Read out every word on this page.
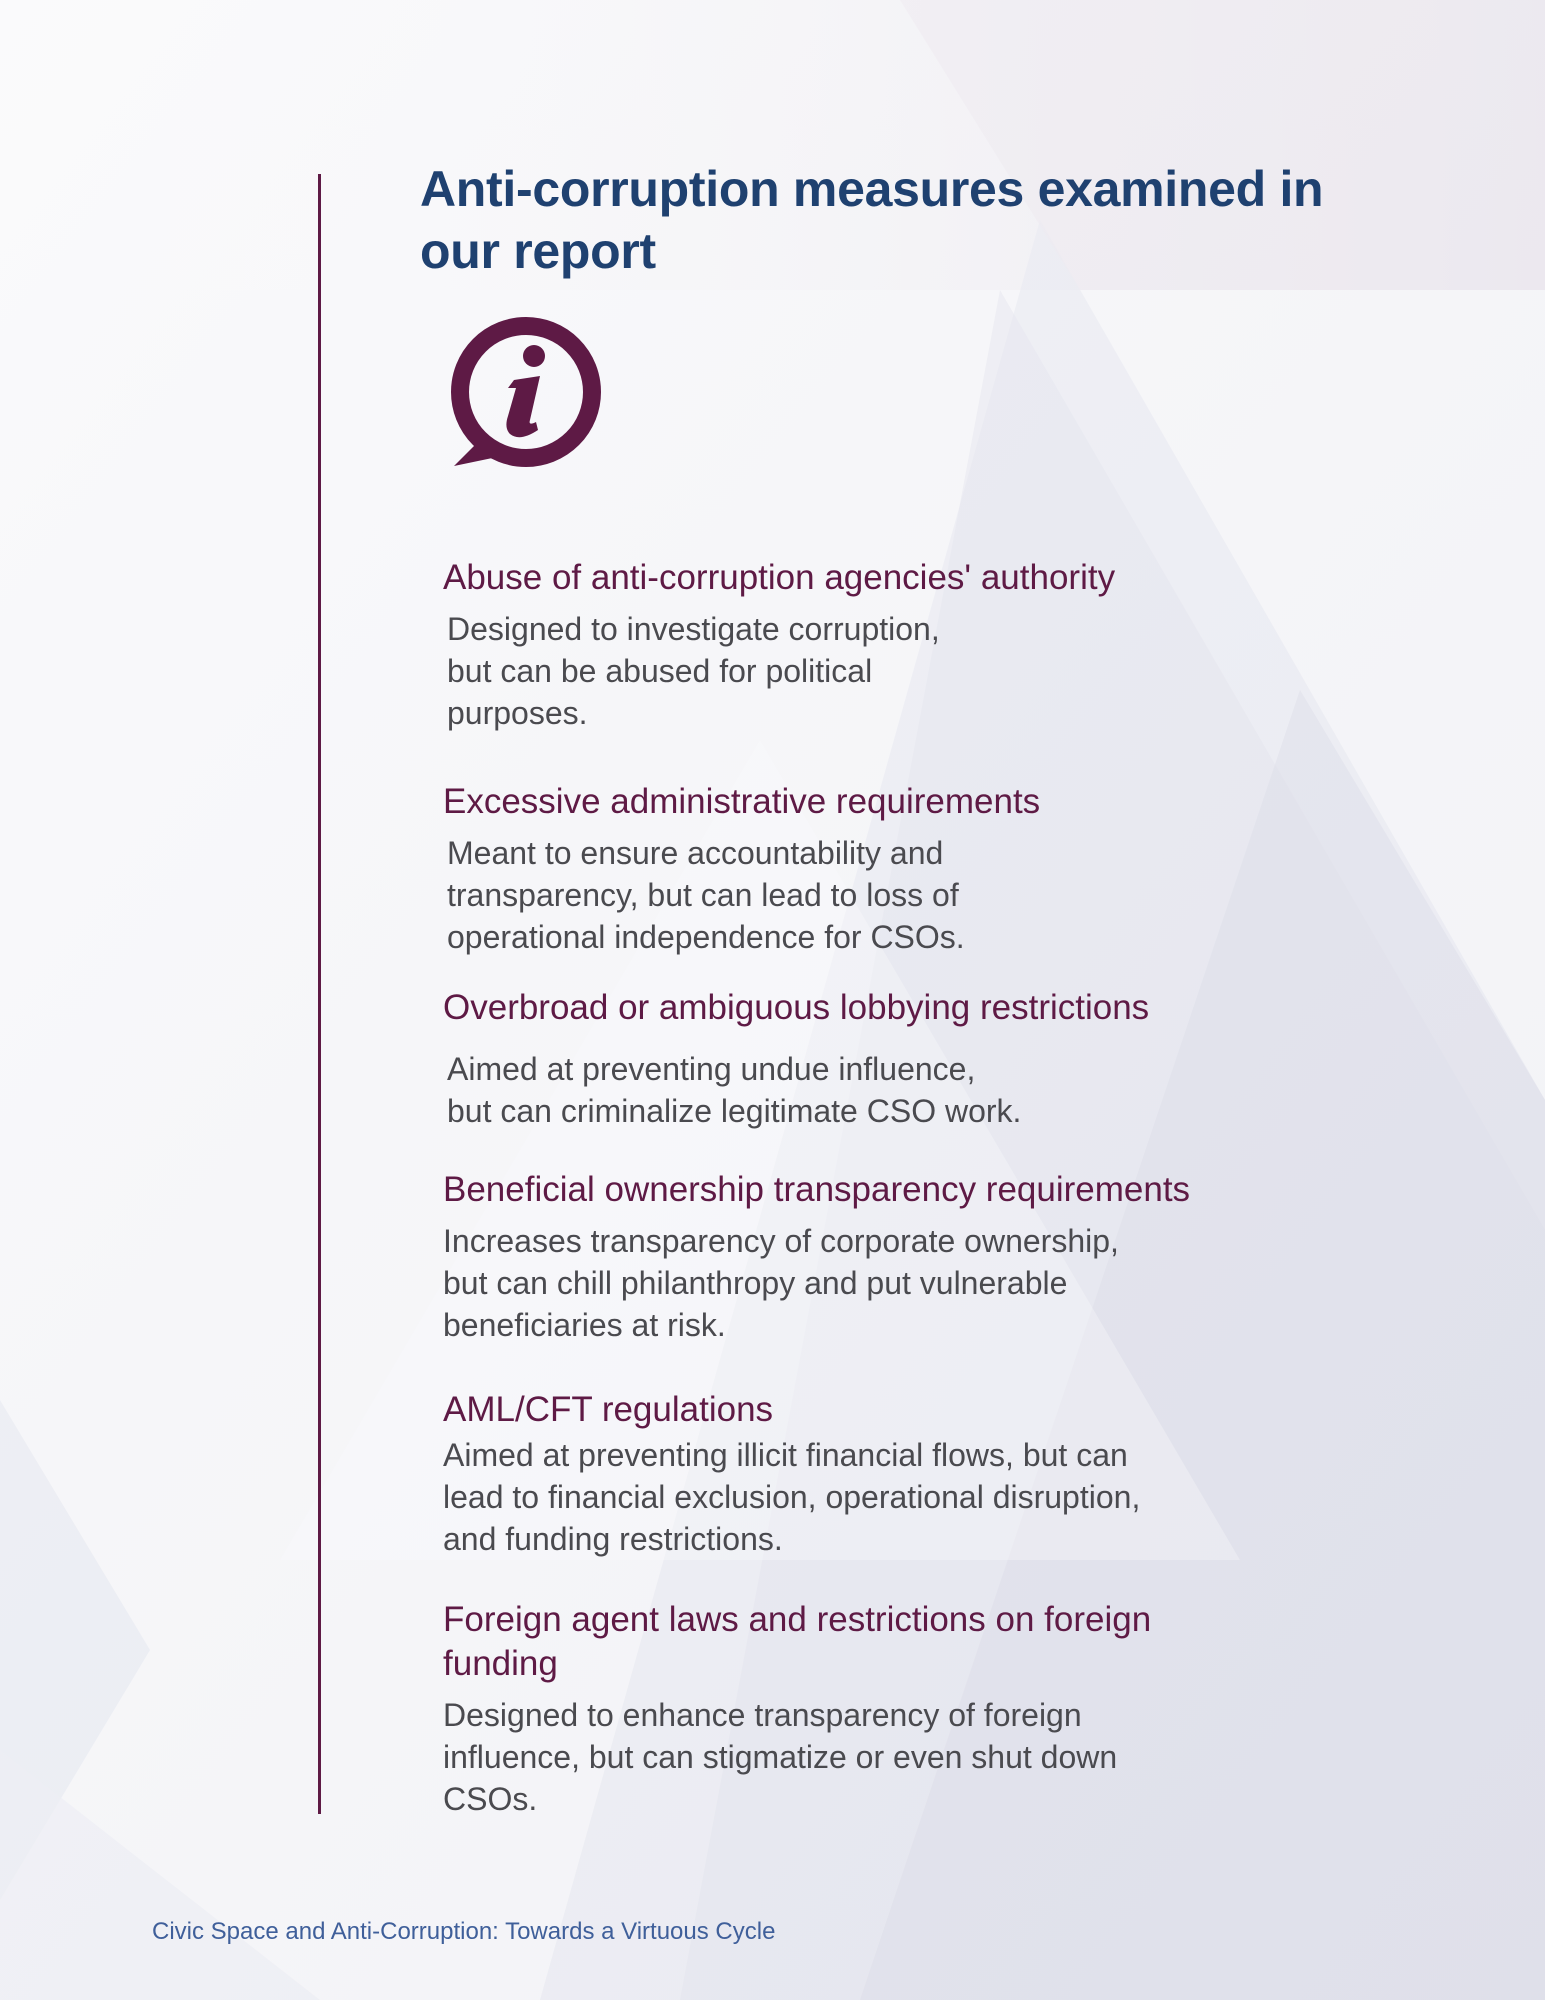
Anti-corruption measures examined in our report
Abuse of anti-corruption agencies' authority

Designed to investigate corruption,
but can be abused for political
purposes.

Excessive administrative requirements

Meant to ensure accountability and
transparency, but can lead to loss of
operational independence for CSOs.

Overbroad or ambiguous lobbying restrictions

Aimed at preventing undue influence,
but can criminalize legitimate CSO work.

Beneficial ownership transparency requirements

Increases transparency of corporate ownership,
but can chill philanthropy and put vulnerable
beneficiaries at risk.

AML/CFT regulations

Aimed at preventing illicit financial flows, but can
lead to financial exclusion, operational disruption,
and funding restrictions.

Foreign agent laws and restrictions on foreign funding

Designed to enhance transparency of foreign
influence, but can stigmatize or even shut down
CSOs.

Civic Space and Anti-Corruption: Towards a Virtuous Cycle
